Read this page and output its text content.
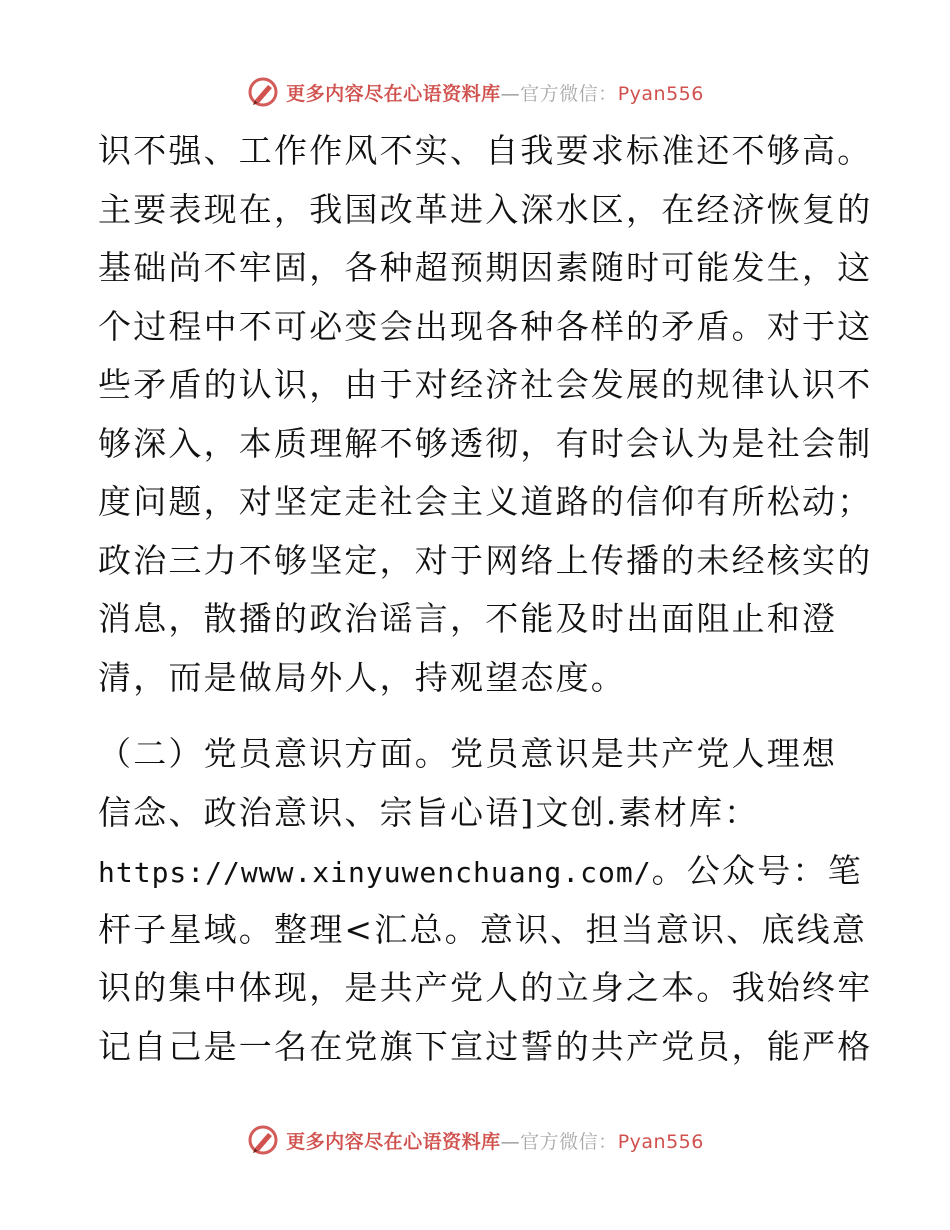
更多内容尽在心语资料库—官方微信：Pyan556
识不强、工作作风不实、自我要求标准还不够高。
主要表现在，我国改革进入深水区，在经济恢复的
基础尚不牢固，各种超预期因素随时可能发生，这
个过程中不可必变会出现各种各样的矛盾。对于这
些矛盾的认识，由于对经济社会发展的规律认识不
够深入，本质理解不够透彻，有时会认为是社会制
度问题，对坚定走社会主义道路的信仰有所松动；
政治三力不够坚定，对于网络上传播的未经核实的
消息，散播的政治谣言，不能及时出面阻止和澄
清，而是做局外人，持观望态度。
（二）党员意识方面。党员意识是共产党人理想
信念、政治意识、宗旨心语]文创.素材库：
https://www.xinyuwenchuang.com/。公众号：笔
杆子星域。整理<汇总。意识、担当意识、底线意
识的集中体现，是共产党人的立身之本。我始终牢
记自己是一名在党旗下宣过誓的共产党员，能严格
更多内容尽在心语资料库—官方微信：Pyan556
